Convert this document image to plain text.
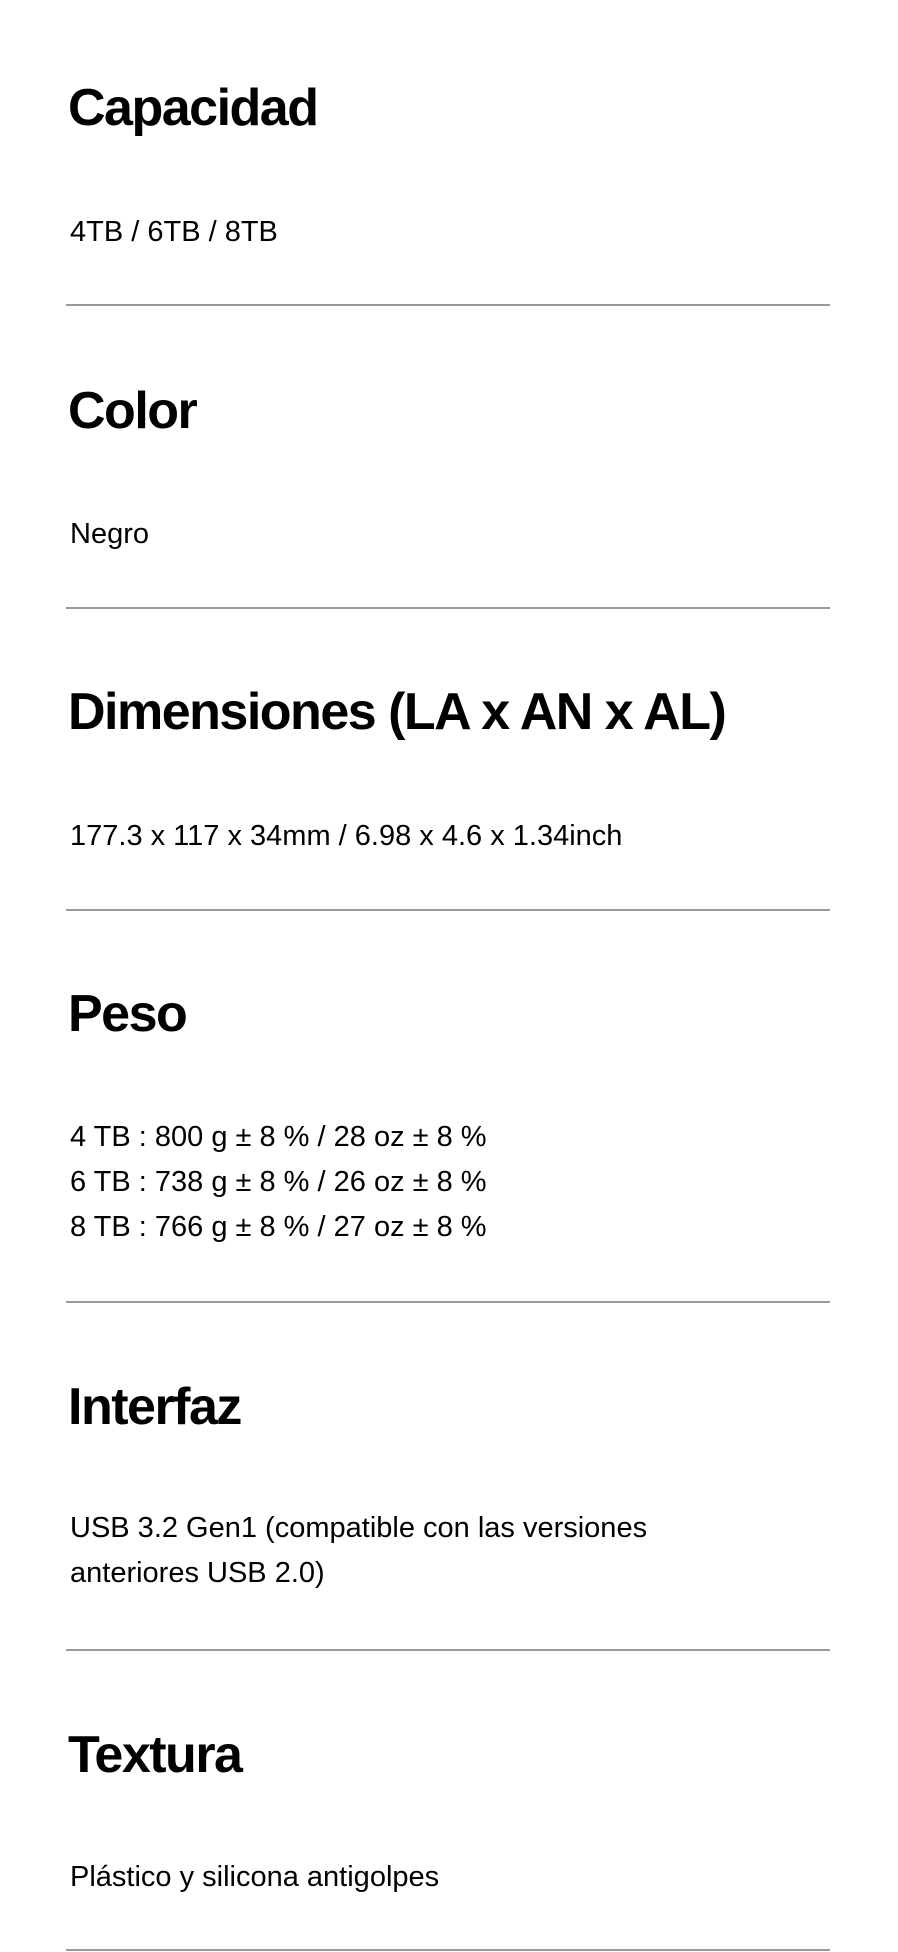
Capacidad

4TB / 6TB / 8TB

Color

Negro

Dimensiones (LA x AN x AL)

177.3 x 117 x 34mm / 6.98 x 4.6 x 1.34inch

Peso

4 TB : 800 g ± 8 % / 28 oz ± 8 %
6 TB : 738 g ± 8 % / 26 oz ± 8 %
8 TB : 766 g ± 8 % / 27 oz ± 8 %

Interfaz

USB 3.2 Gen1 (compatible con las versiones
anteriores USB 2.0)

Textura

Plástico y silicona antigolpes
